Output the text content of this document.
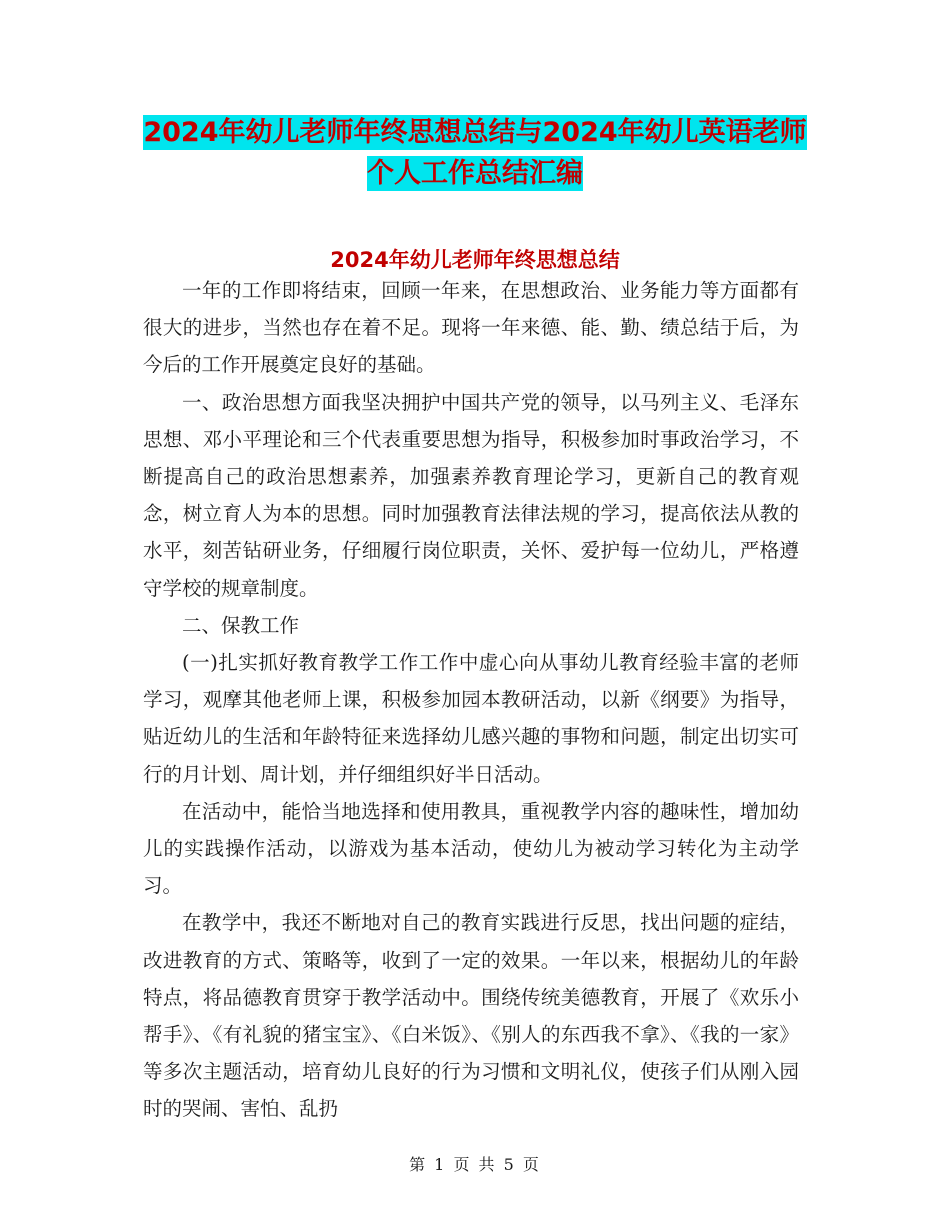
2024年幼儿老师年终思想总结与2024年幼儿英语老师
个人工作总结汇编
2024年幼儿老师年终思想总结

一年的工作即将结束，回顾一年来，在思想政治、业务能力等方面都有很大的进步，当然也存在着不足。现将一年来德、能、勤、绩总结于后，为今后的工作开展奠定良好的基础。

一、政治思想方面我坚决拥护中国共产党的领导，以马列主义、毛泽东思想、邓小平理论和三个代表重要思想为指导，积极参加时事政治学习，不断提高自己的政治思想素养，加强素养教育理论学习，更新自己的教育观念，树立育人为本的思想。同时加强教育法律法规的学习，提高依法从教的水平，刻苦钻研业务，仔细履行岗位职责，关怀、爱护每一位幼儿，严格遵守学校的规章制度。

二、保教工作

(一)扎实抓好教育教学工作工作中虚心向从事幼儿教育经验丰富的老师学习，观摩其他老师上课，积极参加园本教研活动，以新《纲要》为指导，贴近幼儿的生活和年龄特征来选择幼儿感兴趣的事物和问题，制定出切实可行的月计划、周计划，并仔细组织好半日活动。

在活动中，能恰当地选择和使用教具，重视教学内容的趣味性，增加幼儿的实践操作活动，以游戏为基本活动，使幼儿为被动学习转化为主动学习。

在教学中，我还不断地对自己的教育实践进行反思，找出问题的症结，改进教育的方式、策略等，收到了一定的效果。一年以来，根据幼儿的年龄特点，将品德教育贯穿于教学活动中。围绕传统美德教育，开展了《欢乐小帮手》、《有礼貌的猪宝宝》、《白米饭》、《别人的东西我不拿》、《我的一家》等多次主题活动，培育幼儿良好的行为习惯和文明礼仪，使孩子们从刚入园时的哭闹、害怕、乱扔

第 1 页 共 5 页
